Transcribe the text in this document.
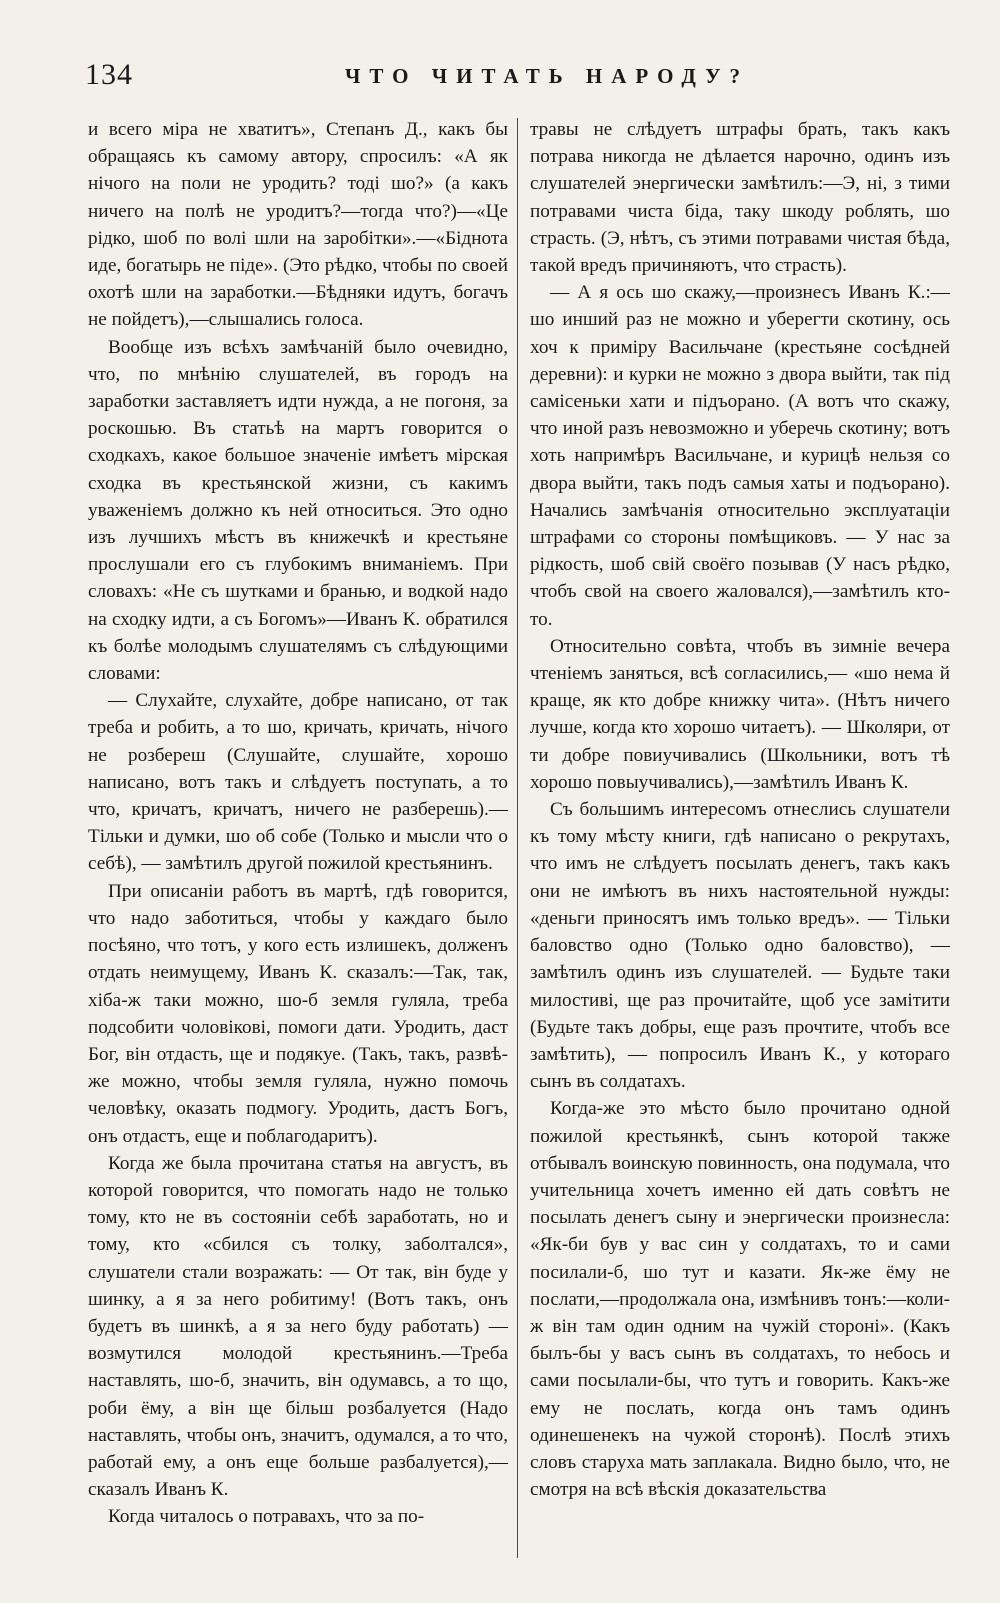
134	ЧТО ЧИТАТЬ НАРОДУ?

и всего міра не хватитъ», Степанъ Д., какъ бы обращаясь къ самому автору, спросилъ: «А як нічого на поли не уродить? тоді шо?» (а какъ ничего на полѣ не уродитъ?—тогда что?)—«Це рідко, шоб по волі шли на заробітки».—«Біднота иде, богатырь не піде». (Это рѣдко, чтобы по своей охотѣ шли на заработки.—Бѣдняки идутъ, богачъ не пойдетъ),—слышались голоса.

Вообще изъ всѣхъ замѣчаній было очевидно, что, по мнѣнію слушателей, въ городъ на заработки заставляетъ идти нужда, а не погоня, за роскошью. Въ статьѣ на мартъ говорится о сходкахъ, какое большое значеніе имѣетъ мірская сходка въ крестьянской жизни, съ какимъ уваженіемъ должно къ ней относиться. Это одно изъ лучшихъ мѣстъ въ книжечкѣ и крестьяне прослушали его съ глубокимъ вниманіемъ. При словахъ: «Не съ шутками и бранью, и водкой надо на сходку идти, а съ Богомъ»—Иванъ К. обратился къ болѣе молодымъ слушателямъ съ слѣдующими словами:

— Слухайте, слухайте, добре написано, от так треба и робить, а то шо, кричать, кричать, нічого не розбереш (Слушайте, слушайте, хорошо написано, вотъ такъ и слѣдуетъ поступать, а то что, кричатъ, кричатъ, ничего не разберешь).—Тільки и думки, шо об собе (Только и мысли что о себѣ), — замѣтилъ другой пожилой крестьянинъ.

При описаніи работъ въ мартѣ, гдѣ говорится, что надо заботиться, чтобы у каждаго было посѣяно, что тотъ, у кого есть излишекъ, долженъ отдать неимущему, Иванъ К. сказалъ:—Так, так, хіба-ж таки можно, шо-б земля гуляла, треба подсобити чоловікові, помоги дати. Уродить, даст Бог, він отдасть, ще и подякуе. (Такъ, такъ, развѣ-же можно, чтобы земля гуляла, нужно помочь человѣку, оказать подмогу. Уродить, дастъ Богъ, онъ отдастъ, еще и поблагодаритъ).

Когда же была прочитана статья на августъ, въ которой говорится, что помогать надо не только тому, кто не въ состояніи себѣ заработать, но и тому, кто «сбился съ толку, заболтался», слушатели стали возражать: — От так, він буде у шинку, а я за него робитиму! (Вотъ такъ, онъ будетъ въ шинкѣ, а я за него буду работать) —возмутился молодой крестьянинъ.—Треба наставлять, шо-б, значить, він одумавсь, а то що, роби ёму, а він ще більш розбалуется (Надо наставлять, чтобы онъ, значитъ, одумался, а то что, работай ему, а онъ еще больше разбалуется),—сказалъ Иванъ К.

Когда читалось о потравахъ, что за по-

травы не слѣдуетъ штрафы брать, такъ какъ потрава никогда не дѣлается нарочно, одинъ изъ слушателей энергически замѣтилъ:—Э, ні, з тими потравами чиста біда, таку шкоду роблять, шо страсть. (Э, нѣтъ, съ этими потравами чистая бѣда, такой вредъ причиняютъ, что страсть).

— А я ось шо скажу,—произнесъ Иванъ К.:—шо инший раз не можно и уберегти скотину, ось хоч к приміру Васильчане (крестьяне сосѣдней деревни): и курки не можно з двора выйти, так під самісеньки хати и підъорано. (А вотъ что скажу, что иной разъ невозможно и уберечь скотину; вотъ хоть напримѣръ Васильчане, и курицѣ нельзя со двора выйти, такъ подъ самыя хаты и подъорано). Начались замѣчанія относительно эксплуатаціи штрафами со стороны помѣщиковъ. — У нас за рідкость, шоб свій своёго позывав (У насъ рѣдко, чтобъ свой на своего жаловался),—замѣтилъ кто-то.

Относительно совѣта, чтобъ въ зимніе вечера чтеніемъ заняться, всѣ согласились,— «шо нема й краще, як кто добре книжку чита». (Нѣтъ ничего лучше, когда кто хорошо читаетъ). — Школяри, от ти добре повиучивались (Школьники, вотъ тѣ хорошо повыучивались),—замѣтилъ Иванъ К.

Съ большимъ интересомъ отнеслись слушатели къ тому мѣсту книги, гдѣ написано о рекрутахъ, что имъ не слѣдуетъ посылать денегъ, такъ какъ они не имѣютъ въ нихъ настоятельной нужды: «деньги приносятъ имъ только вредъ». — Тільки баловство одно (Только одно баловство), — замѣтилъ одинъ изъ слушателей. — Будьте таки милостиві, ще раз прочитайте, щоб усе замітити (Будьте такъ добры, еще разъ прочтите, чтобъ все замѣтить), — попросилъ Иванъ К., у котораго сынъ въ солдатахъ.

Когда-же это мѣсто было прочитано одной пожилой крестьянкѣ, сынъ которой также отбывалъ воинскую повинность, она подумала, что учительница хочетъ именно ей дать совѣтъ не посылать денегъ сыну и энергически произнесла: «Як-би був у вас син у солдатахъ, то и сами посилали-б, шо тут и казати. Як-же ёму не послати,—продолжала она, измѣнивъ тонъ:—коли-ж він там один одним на чужій стороні». (Какъ былъ-бы у васъ сынъ въ солдатахъ, то небось и сами посылали-бы, что тутъ и говорить. Какъ-же ему не послать, когда онъ тамъ одинъ одинешенекъ на чужой сторонѣ). Послѣ этихъ словъ старуха мать заплакала. Видно было, что, не смотря на всѣ вѣскія доказательства
